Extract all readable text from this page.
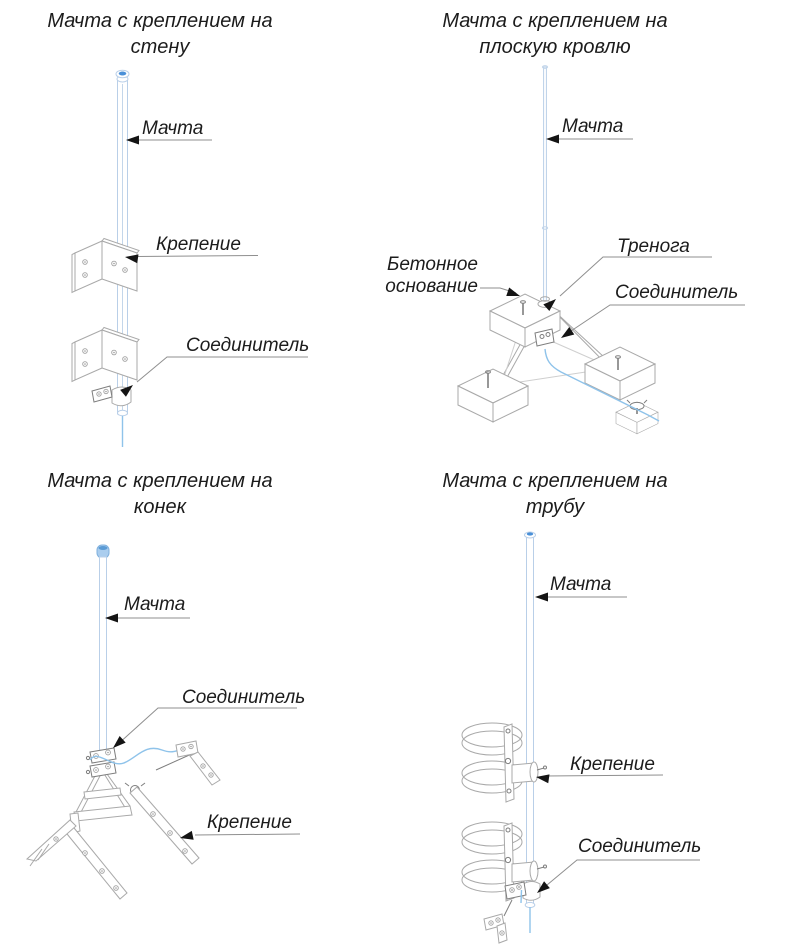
Мачта с креплением на
стену
Мачта с креплением на
плоскую кровлю
Мачта с креплением на
конек
Мачта с креплением на
трубу
Мачта
Крепение
Соединитель
Мачта
Тренога
Бетонное
основание	Соединитель
Мачта
Соединитель
Крепение
Мачта
Крепение
Соединитель
